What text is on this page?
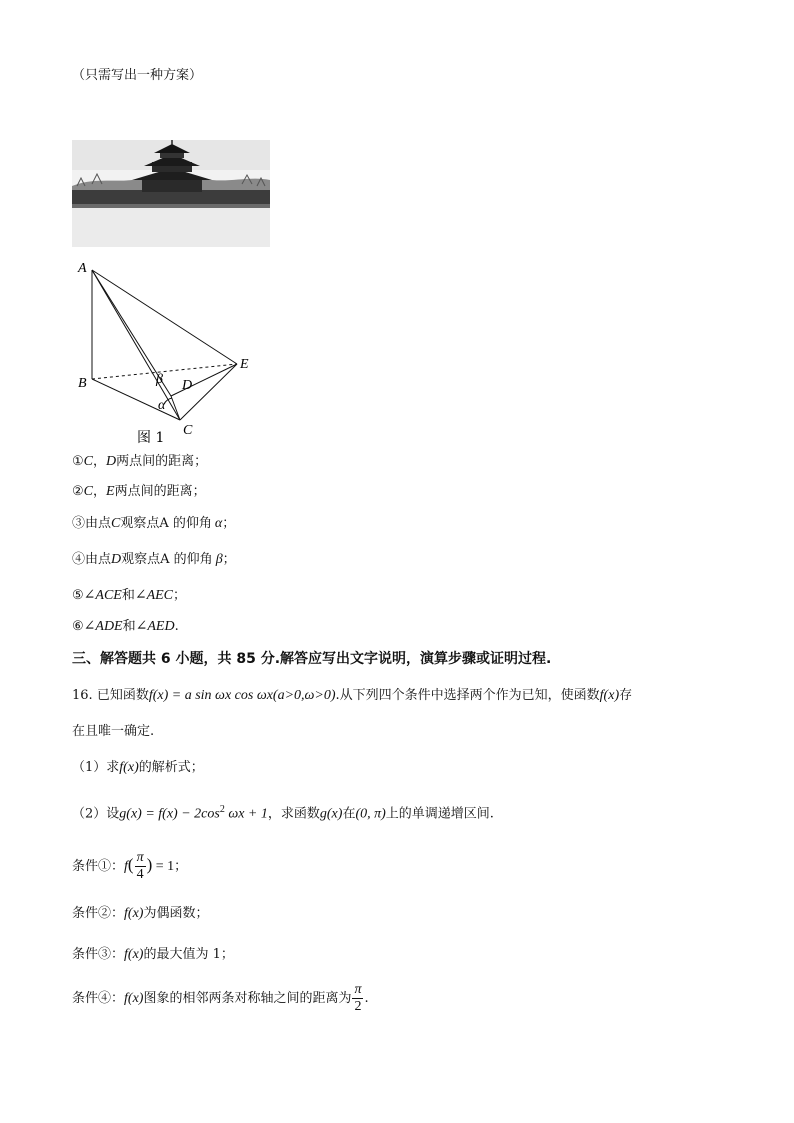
（只需写出一种方案）
A
B
C
D
E
α
β
图 1
①C，D两点间的距离；
②C，E两点间的距离；
③由点C观察点A 的仰角 α；
④由点D观察点A 的仰角 β；
⑤∠ACE和∠AEC；
⑥∠ADE和∠AED.
三、解答题共 6 小题，共 85 分.解答应写出文字说明，演算步骤或证明过程.
16. 已知函数f(x) = a sin ωx cos ωx(a>0,ω>0).从下列四个条件中选择两个作为已知，使函数f(x)存
在且唯一确定.
（1）求f(x)的解析式；
（2）设$g(x) = f(x) - 2\cos^2$ ωx + 1，求函数g(x)在(0, π)上的单调递增区间.
条件①：$f( \frac{\pi}{4}$ ) = 1；
条件②：f(x)为偶函数；
条件③：f(x)的最大值为 1；
条件④：f(x)图象的相邻两条对称轴之间的距离为 $\frac{\pi}{2}$ .
